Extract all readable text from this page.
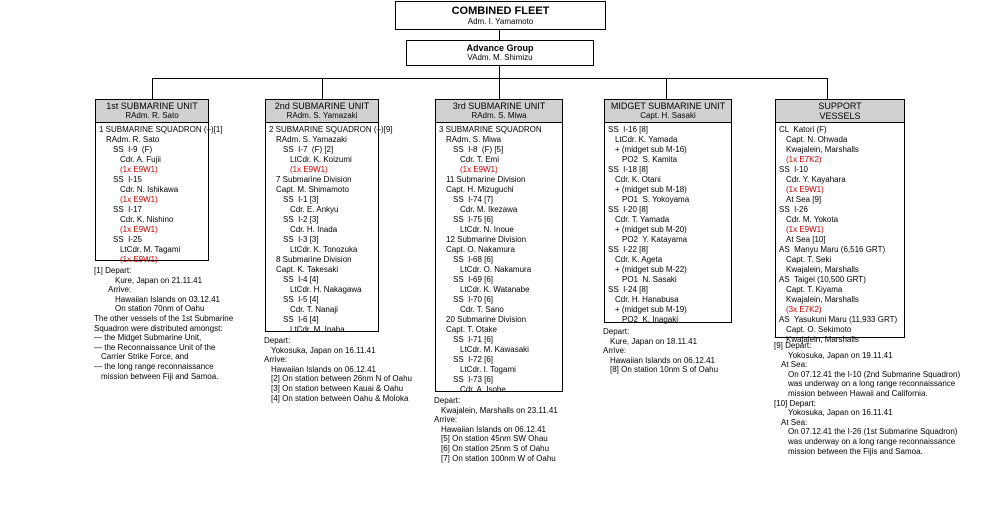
COMBINED FLEET
Adm. I. Yamamoto
Advance Group
VAdm. M. Shimizu
1st SUBMARINE UNIT
RAdm. R. Sato
1 SUBMARINE SQUADRON (–)[1]
RAdm. R. Sato
SS  I-9  (F)
Cdr. A. Fujii
(1x E9W1)
SS  I-15
Cdr. N. Ishikawa
(1x E9W1)
SS  I-17
Cdr. K. Nishino
(1x E9W1)
SS  I-25
LtCdr. M. Tagami
(1x E9W1)
[1] Depart:
Kure, Japan on 21.11.41
Arrive:
Hawaiian Islands on 03.12.41
On station 70nm of Oahu
The other vessels of the 1st Submarine
Squadron were distributed amongst:
— the Midget Submarine Unit,
— the Reconnaissance Unit of the
Carrier Strike Force, and
— the long range reconnaissance
mission between Fiji and Samoa.
2nd SUBMARINE UNIT
RAdm. S. Yamazaki
2 SUBMARINE SQUADRON (–)[9]
RAdm. S. Yamazaki
SS  I-7  (F) [2]
LtCdr. K. Koizumi
(1x E9W1)
7 Submarine Division
Capt. M. Shimamoto
SS  I-1 [3]
Cdr. E. Ankyu
SS  I-2 [3]
Cdr. H. Inada
SS  I-3 [3]
LtCdr. K. Tonozuka
8 Submarine Division
Capt. K. Takesaki
SS  I-4 [4]
LtCdr. H. Nakagawa
SS  I-5 [4]
Cdr. T. Nanaji
SS  I-6 [4]
LtCdr. M. Inaba
Depart:
Yokosuka, Japan on 16.11.41
Arrive:
Hawaiian Islands on 06.12.41
[2] On station between 26nm N of Oahu
[3] On station between Kauai & Oahu
[4] On station between Oahu & Moloka
3rd SUBMARINE UNIT
RAdm. S. Miwa
3 SUBMARINE SQUADRON
RAdm. S. Miwa
SS  I-8  (F) [5]
Cdr. T. Emi
(1x E9W1)
11 Submarine Division
Capt. H. Mizuguchi
SS  I-74 [7]
Cdr. M. Ikezawa
SS  I-75 [6]
LtCdr. N. Inoue
12 Submarine Division
Capt. O. Nakamura
SS  I-68 [6]
LtCdr. O. Nakamura
SS  I-69 [6]
LtCdr. K. Watanabe
SS  I-70 [6]
Cdr. T. Sano
20 Submarine Division
Capt. T. Otake
SS  I-71 [6]
LtCdr. M. Kawasaki
SS  I-72 [6]
LtCdr. I. Togami
SS  I-73 [6]
Cdr. A. Isobe
Depart:
Kwajalein, Marshalls on 23.11.41
Arrive:
Hawaiian Islands on 06.12.41
[5] On station 45nm SW Ohau
[6] On station 25nm S of Oahu
[7] On station 100nm W of Oahu
MIDGET SUBMARINE UNIT
Capt. H. Sasaki
SS  I-16 [8]
LtCdr. K. Yamada
+ (midget sub M-16)
PO2  S. Kamita
SS  I-18 [8]
Cdr. K. Otani
+ (midget sub M-18)
PO1  S. Yokoyama
SS  I-20 [8]
Cdr. T. Yamada
+ (midget sub M-20)
PO2  Y. Katayama
SS  I-22 [8]
Cdr. K. Ageta
+ (midget sub M-22)
PO1  N. Sasaki
SS  I-24 [8]
Cdr. H. Hanabusa
+ (midget sub M-19)
PO2  K. Inagaki
Depart:
Kure, Japan on 18.11.41
Arrive:
Hawaiian Islands on 06.12.41
[8] On station 10nm S of Oahu
SUPPORT
VESSELS
CL  Katori (F)
Capt. N. Ohwada
Kwajalein, Marshalls
(1x E7K2)
SS  I-10
Cdr. Y. Kayahara
(1x E9W1)
At Sea [9]
SS  I-26
Cdr. M. Yokota
(1x E9W1)
At Sea [10]
AS  Manyu Maru (6,516 GRT)
Capt. T. Seki
Kwajalein, Marshalls
AS  Taigei (10,500 GRT)
Capt. T. Kiyama
Kwajalein, Marshalls
(3x E7K2)
AS  Yasukuni Maru (11,933 GRT)
Capt. O. Sekimoto
Kwajalein, Marshalls
[9] Depart:
Yokosuka, Japan on 19.11.41
At Sea:
On 07.12.41 the I-10 (2nd Submarine Squadron)
was underway on a long range reconnaissance
mission between Hawaii and California.
[10] Depart:
Yokosuka, Japan on 16.11.41
At Sea:
On 07.12.41 the I-26 (1st Submarine Squadron)
was underway on a long range reconnaissance
mission between the Fijis and Samoa.
